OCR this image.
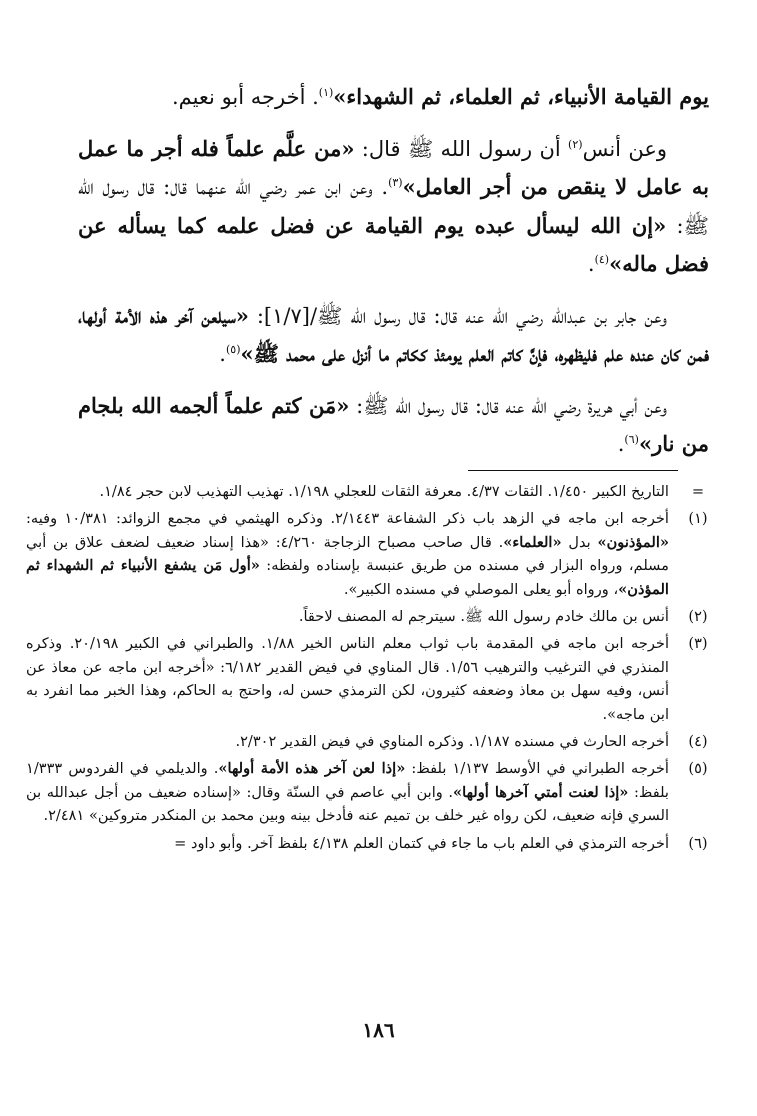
يوم القيامة الأنبياء، ثم العلماء، ثم الشهداء»$^{(١)}$. أخرجه أبو نعيم.

وعن أنس$^{(٢)}$ أن رسول الله ﷺ قال: «من علَّم علماً فله أجر ما عمل به عامل لا ينقص من أجر العامل»$^{(٣)}$. وعن ابن عمر رضي الله عنهما قال: قال رسول الله ﷺ: «إن الله ليسأل عبده يوم القيامة عن فضل علمه كما يسأله عن فضل ماله»$^{(٤)}$.

وعن جابر بن عبدالله رضي الله عنه قال: قال رسول الله ﷺ/[١/٧]: «سيلعن آخر هذه الأمة أولها، فمن كان عنده علم فليظهره، فإنَّ كاتم العلم يومئذ ككاتم ما أنزل على محمد ﷺ»$^{(٥)}$.

وعن أبي هريرة رضي الله عنه قال: قال رسول الله ﷺ: «مَن كتم علماً ألجمه الله بلجام من نار»$^{(٦)}$.

=
التاريخ الكبير ١/٤٥٠. الثقات ٤/٣٧. معرفة الثقات للعجلي ١/١٩٨. تهذيب التهذيب لابن حجر ١/٨٤.
(١)
أخرجه ابن ماجه في الزهد باب ذكر الشفاعة ٢/١٤٤٣. وذكره الهيثمي في مجمع الزوائد: ١٠/٣٨١ وفيه: «المؤذنون» بدل «العلماء». قال صاحب مصباح الزجاجة ٤/٢٦٠: «هذا إسناد ضعيف لضعف علاق بن أبي مسلم، ورواه البزار في مسنده من طريق عنبسة بإسناده ولفظه: «أول مَن يشفع الأنبياء ثم الشهداء ثم المؤذن»، ورواه أبو يعلى الموصلي في مسنده الكبير».
(٢)
أنس بن مالك خادم رسول الله ﷺ. سيترجم له المصنف لاحقاً.
(٣)
أخرجه ابن ماجه في المقدمة باب ثواب معلم الناس الخير ١/٨٨. والطبراني في الكبير ٢٠/١٩٨. وذكره المنذري في الترغيب والترهيب ١/٥٦. قال المناوي في فيض القدير ٦/١٨٢: «أخرجه ابن ماجه عن معاذ عن أنس، وفيه سهل بن معاذ وضعفه كثيرون، لكن الترمذي حسن له، واحتج به الحاكم، وهذا الخبر مما انفرد به ابن ماجه».
(٤)
أخرجه الحارث في مسنده ١/١٨٧. وذكره المناوي في فيض القدير ٢/٣٠٢.
(٥)
أخرجه الطبراني في الأوسط ١/١٣٧ بلفظ: «إذا لعن آخر هذه الأمة أولها». والديلمي في الفردوس ١/٣٣٣ بلفظ: «إذا لعنت أمتي آخرها أولها». وابن أبي عاصم في السنّة وقال: «إسناده ضعيف من أجل عبدالله بن السري فإنه ضعيف، لكن رواه غير خلف بن تميم عنه فأدخل بينه وبين محمد بن المنكدر متروكين» ٢/٤٨١.
(٦)
أخرجه الترمذي في العلم باب ما جاء في كتمان العلم ٤/١٣٨ بلفظ آخر. وأبو داود =
١٨٦
